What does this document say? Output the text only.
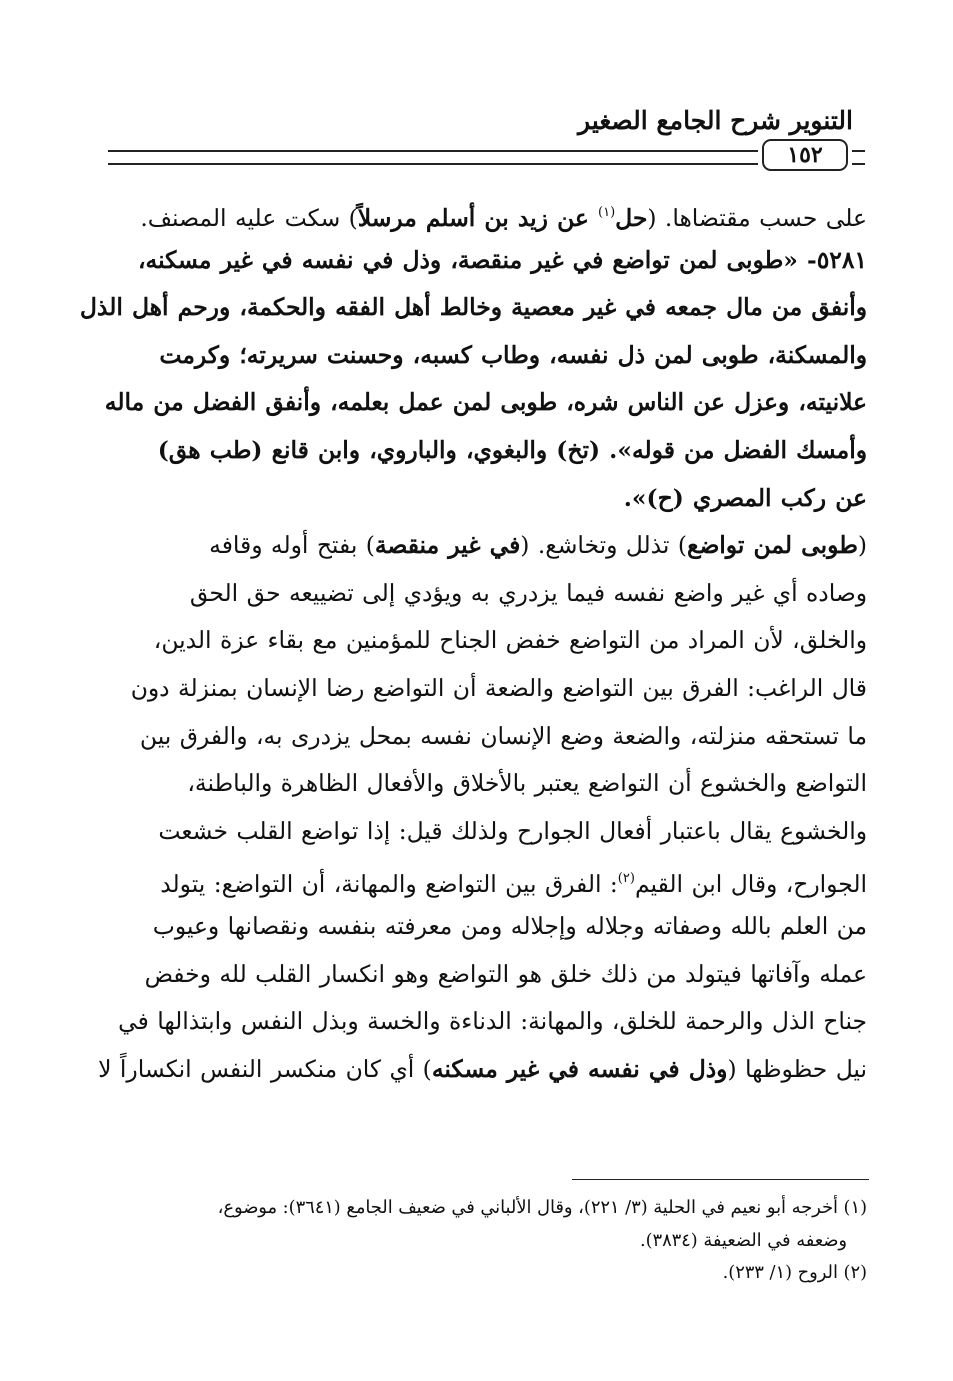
التنوير شرح الجامع الصغير
١٥٢
على حسب مقتضاها. (حل$^{(١)}$ عن زيد بن أسلم مرسلاً) سكت عليه المصنف.
٥٢٨١- «طوبى لمن تواضع في غير منقصة، وذل في نفسه في غير مسكنه،
وأنفق من مال جمعه في غير معصية وخالط أهل الفقه والحكمة، ورحم أهل الذل
والمسكنة، طوبى لمن ذل نفسه، وطاب كسبه، وحسنت سريرته؛ وكرمت
علانيته، وعزل عن الناس شره، طوبى لمن عمل بعلمه، وأنفق الفضل من ماله
وأمسك الفضل من قوله». (تخ) والبغوي، والباروي، وابن قانع (طب هق)
عن ركب المصري (ح)».
(طوبى لمن تواضع) تذلل وتخاشع. (في غير منقصة) بفتح أوله وقافه
وصاده أي غير واضع نفسه فيما يزدري به ويؤدي إلى تضييعه حق الحق
والخلق، لأن المراد من التواضع خفض الجناح للمؤمنين مع بقاء عزة الدين،
قال الراغب: الفرق بين التواضع والضعة أن التواضع رضا الإنسان بمنزلة دون
ما تستحقه منزلته، والضعة وضع الإنسان نفسه بمحل يزدرى به، والفرق بين
التواضع والخشوع أن التواضع يعتبر بالأخلاق والأفعال الظاهرة والباطنة،
والخشوع يقال باعتبار أفعال الجوارح ولذلك قيل: إذا تواضع القلب خشعت
الجوارح، وقال ابن القيم$^{(٢)}$: الفرق بين التواضع والمهانة، أن التواضع: يتولد
من العلم بالله وصفاته وجلاله وإجلاله ومن معرفته بنفسه ونقصانها وعيوب
عمله وآفاتها فيتولد من ذلك خلق هو التواضع وهو انكسار القلب لله وخفض
جناح الذل والرحمة للخلق، والمهانة: الدناءة والخسة وبذل النفس وابتذالها في
نيل حظوظها (وذل في نفسه في غير مسكنه) أي كان منكسر النفس انكساراً لا
(١) أخرجه أبو نعيم في الحلية (٣/ ٢٢١)، وقال الألباني في ضعيف الجامع (٣٦٤١): موضوع،
وضعفه في الضعيفة (٣٨٣٤).
(٢) الروح (١/ ٢٣٣).
